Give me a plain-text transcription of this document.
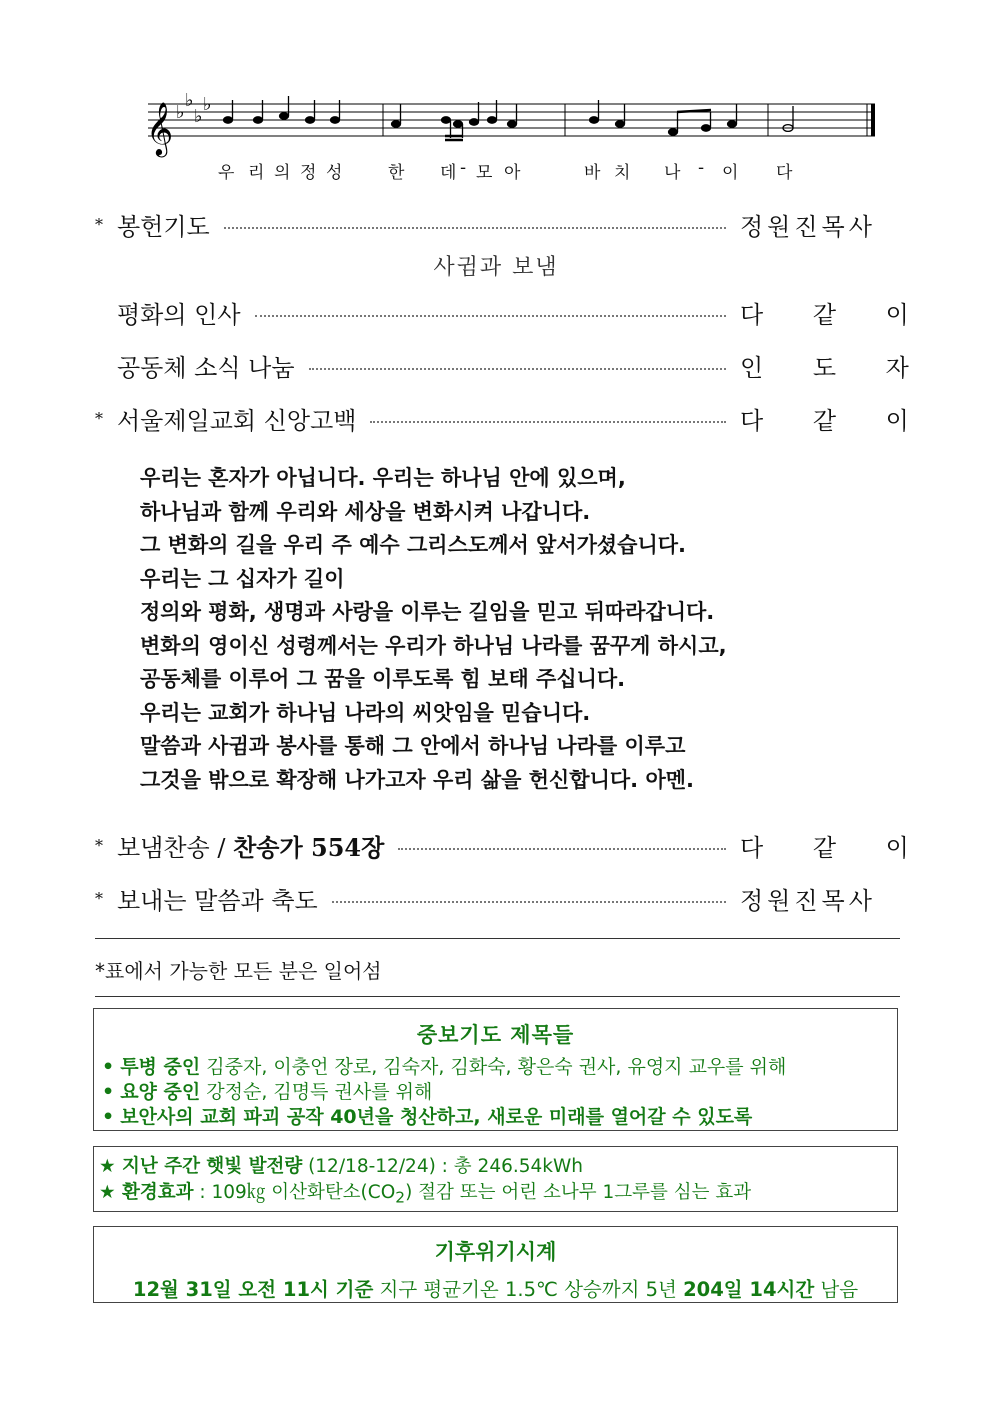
𝄞 ♭
♭
♭
♭
우 리 의 정 성	한 데 - 모 아	바 치 나 - 이 다
* 봉헌기도	정원진목사
사귐과 보냄
평화의 인사	다 같 이
공동체 소식 나눔	인 도 자
* 서울제일교회 신앙고백	다 같 이

우리는 혼자가 아닙니다. 우리는 하나님 안에 있으며,

하나님과 함께 우리와 세상을 변화시켜 나갑니다.

그 변화의 길을 우리 주 예수 그리스도께서 앞서가셨습니다.

우리는 그 십자가 길이

정의와 평화, 생명과 사랑을 이루는 길임을 믿고 뒤따라갑니다.

변화의 영이신 성령께서는 우리가 하나님 나라를 꿈꾸게 하시고,

공동체를 이루어 그 꿈을 이루도록 힘 보태 주십니다.

우리는 교회가 하나님 나라의 씨앗임을 믿습니다.

말씀과 사귐과 봉사를 통해 그 안에서 하나님 나라를 이루고

그것을 밖으로 확장해 나가고자 우리 삶을 헌신합니다. 아멘.

* 보냄찬송 / 찬송가 554장	다 같 이
* 보내는 말씀과 축도	정원진목사
*표에서 가능한 모든 분은 일어섬
중보기도 제목들
• 투병 중인 김중자, 이충언 장로, 김숙자, 김화숙, 황은숙 권사, 유영지 교우를 위해
• 요양 중인 강정순, 김명득 권사를 위해
• 보안사의 교회 파괴 공작 40년을 청산하고, 새로운 미래를 열어갈 수 있도록
★ 지난 주간 햇빛 발전량 (12/18-12/24) : 총 246.54kWh
★ 환경효과 : 109㎏ 이산화탄소$(CO_2)$ 절감 또는 어린 소나무 1그루를 심는 효과
기후위기시계
12월 31일 오전 11시 기준 지구 평균기온 1.5℃ 상승까지 5년 204일 14시간 남음
